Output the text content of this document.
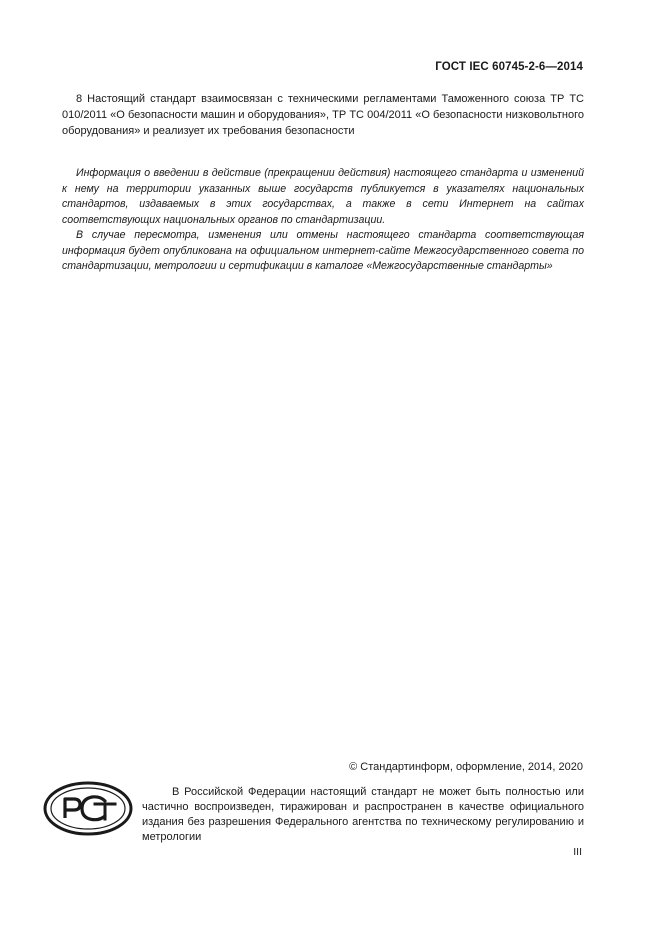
ГОСТ IEC 60745-2-6—2014
8 Настоящий стандарт взаимосвязан с техническими регламентами Таможенного союза ТР ТС 010/2011 «О безопасности машин и оборудования», ТР ТС 004/2011 «О безопасности низковольтного оборудования» и реализует их требования безопасности

Информация о введении в действие (прекращении действия) настоящего стандарта и изменений к нему на территории указанных выше государств публикуется в указателях национальных стандартов, издаваемых в этих государствах, а также в сети Интернет на сайтах соответствующих национальных органов по стандартизации.

В случае пересмотра, изменения или отмены настоящего стандарта соответствующая информация будет опубликована на официальном интернет-сайте Межгосударственного совета по стандартизации, метрологии и сертификации в каталоге «Межгосударственные стандарты»

© Стандартинформ, оформление, 2014, 2020
В Российской Федерации настоящий стандарт не может быть полностью или частично воспроизведен, тиражирован и распространен в качестве официального издания без разрешения Федерального агентства по техническому регулированию и метрологии
III
